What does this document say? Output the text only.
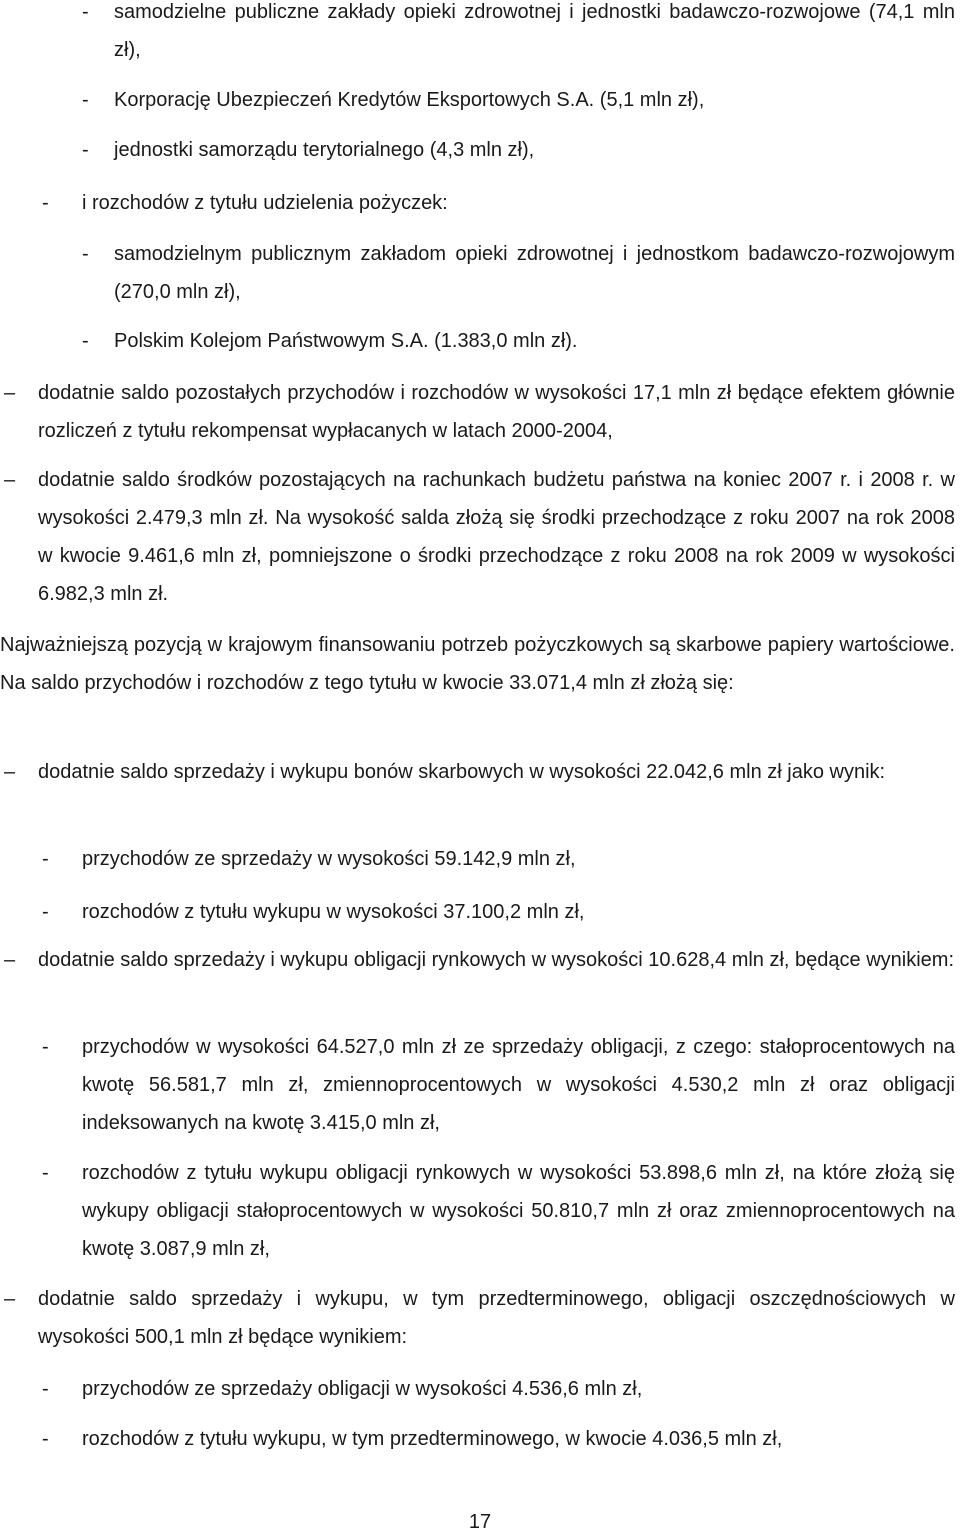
- samodzielne publiczne zakłady opieki zdrowotnej i jednostki badawczo-rozwojowe (74,1 mln zł),
- Korporację Ubezpieczeń Kredytów Eksportowych S.A. (5,1 mln zł),
- jednostki samorządu terytorialnego (4,3 mln zł),
- i rozchodów z tytułu udzielenia pożyczek:
- samodzielnym publicznym zakładom opieki zdrowotnej i jednostkom badawczo-rozwojowym (270,0 mln zł),
- Polskim Kolejom Państwowym S.A. (1.383,0 mln zł).
– dodatnie saldo pozostałych przychodów i rozchodów w wysokości 17,1 mln zł będące efektem głównie rozliczeń z tytułu rekompensat wypłacanych w latach 2000-2004,
– dodatnie saldo środków pozostających na rachunkach budżetu państwa na koniec 2007 r. i 2008 r. w wysokości 2.479,3 mln zł. Na wysokość salda złożą się środki przechodzące z roku 2007 na rok 2008 w kwocie 9.461,6 mln zł, pomniejszone o środki przechodzące z roku 2008 na rok 2009 w wysokości 6.982,3 mln zł.
Najważniejszą pozycją w krajowym finansowaniu potrzeb pożyczkowych są skarbowe papiery wartościowe. Na saldo przychodów i rozchodów z tego tytułu w kwocie 33.071,4 mln zł złożą się:
– dodatnie saldo sprzedaży i wykupu bonów skarbowych w wysokości 22.042,6 mln zł jako wynik:
- przychodów ze sprzedaży w wysokości 59.142,9 mln zł,
- rozchodów z tytułu wykupu w wysokości 37.100,2 mln zł,
– dodatnie saldo sprzedaży i wykupu obligacji rynkowych w wysokości 10.628,4 mln zł, będące wynikiem:
- przychodów w wysokości 64.527,0 mln zł ze sprzedaży obligacji, z czego: stałoprocentowych na kwotę 56.581,7 mln zł, zmiennoprocentowych w wysokości 4.530,2 mln zł oraz obligacji indeksowanych na kwotę 3.415,0 mln zł,
- rozchodów z tytułu wykupu obligacji rynkowych w wysokości 53.898,6 mln zł, na które złożą się wykupy obligacji stałoprocentowych w wysokości 50.810,7 mln zł oraz zmiennoprocentowych na kwotę 3.087,9 mln zł,
– dodatnie saldo sprzedaży i wykupu, w tym przedterminowego, obligacji oszczędnościowych w wysokości 500,1 mln zł będące wynikiem:
- przychodów ze sprzedaży obligacji w wysokości 4.536,6 mln zł,
- rozchodów z tytułu wykupu, w tym przedterminowego, w kwocie 4.036,5 mln zł,
17
